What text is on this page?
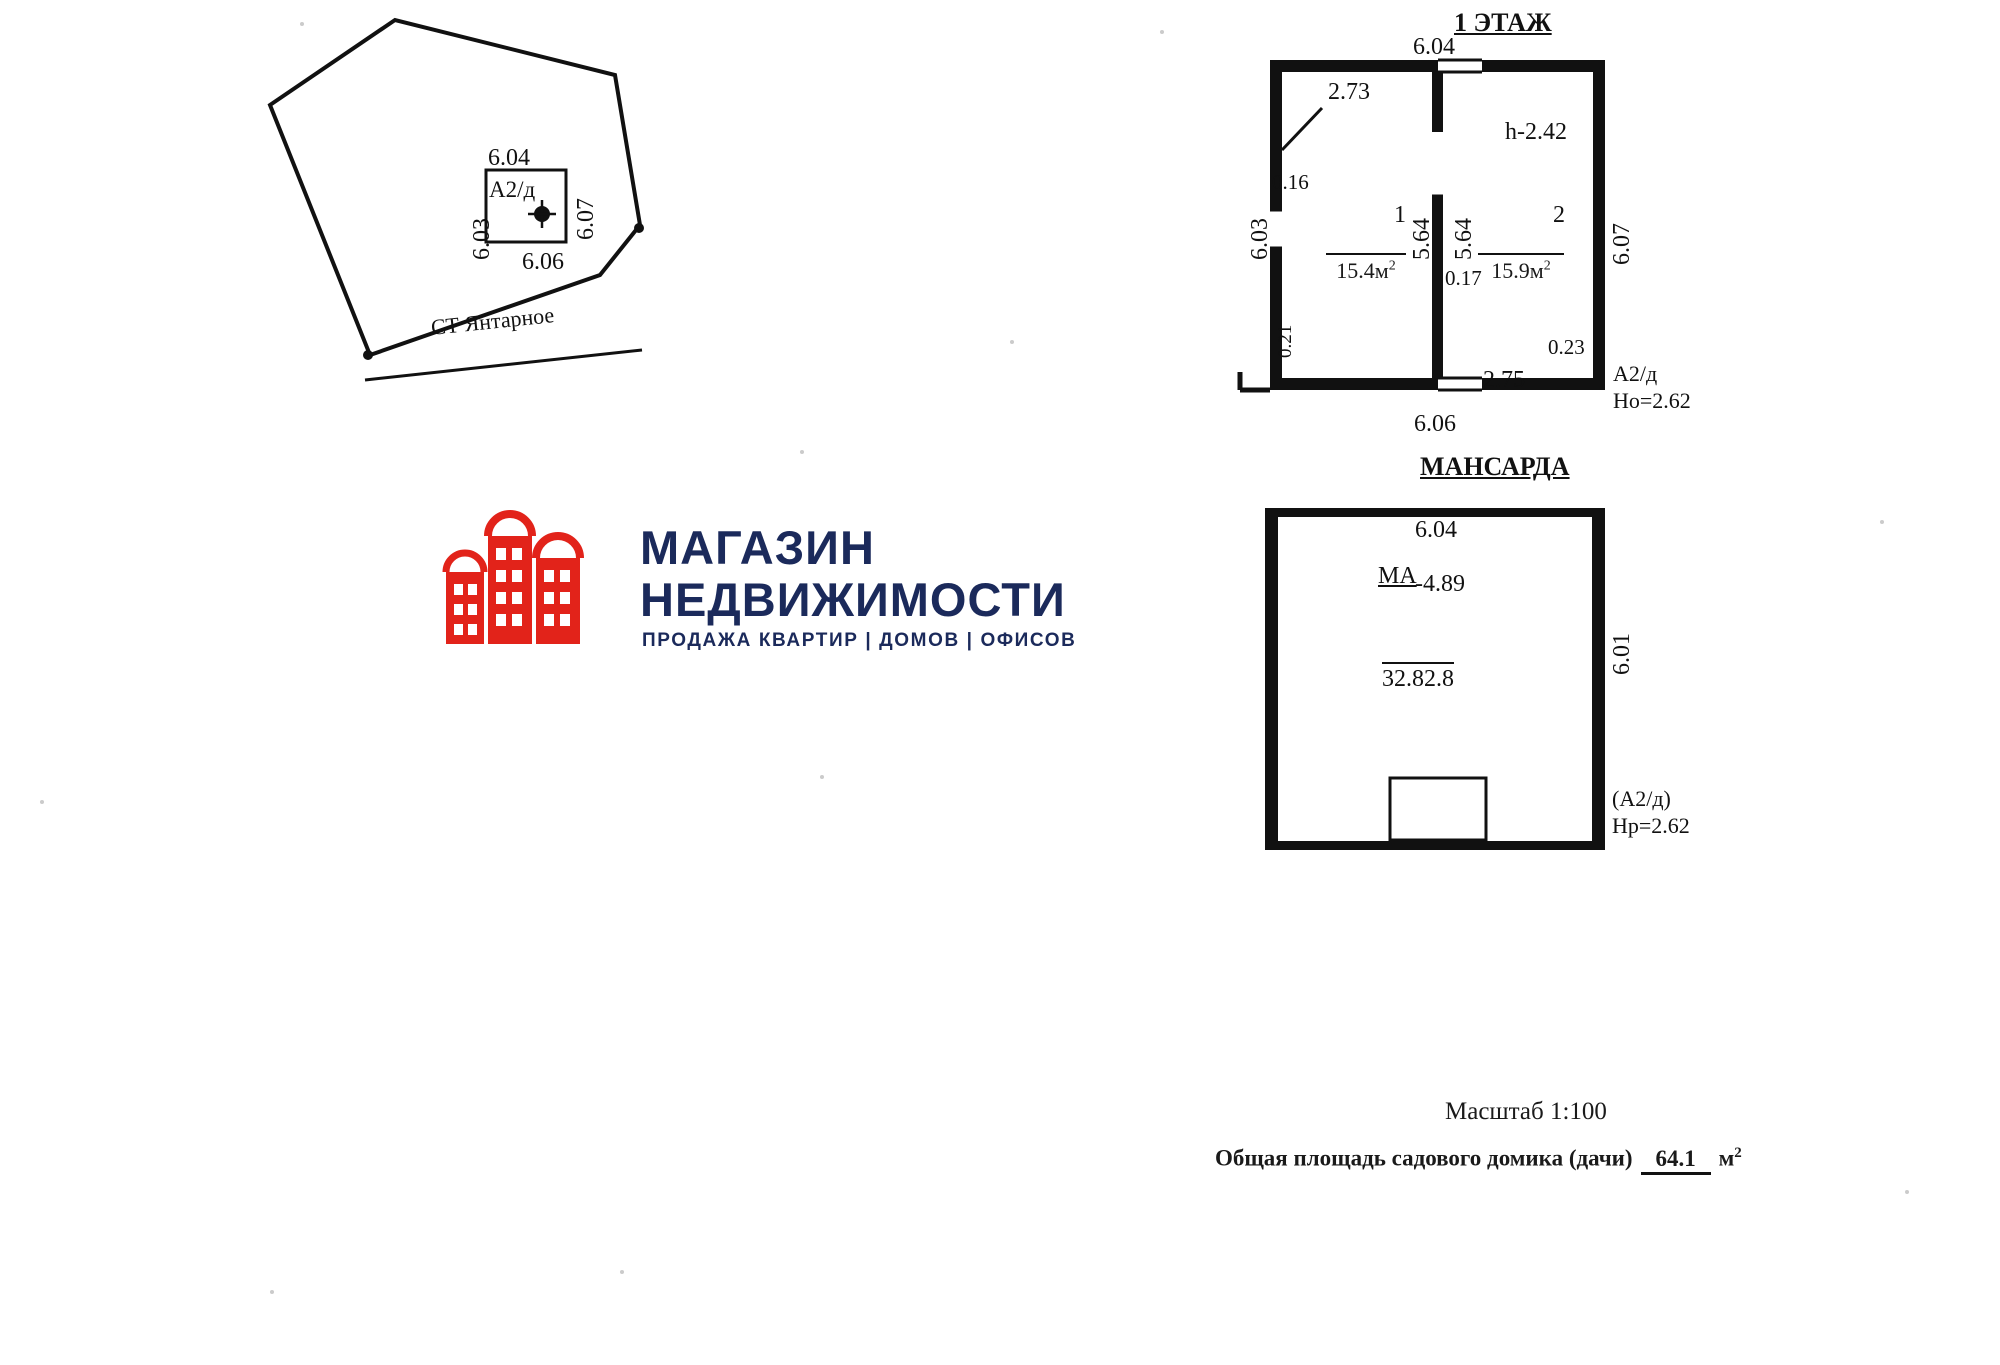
6.04
А2/д
6.07
6.03
6.06
СТ Янтарное
1 ЭТАЖ
6.04
2.73
h-2.42
6.03
0.16
0.21
6.07
1
$15.4м^2$
5.64 5.64
2
$15.9м^2$
0.17
0.23
2.75
6.06
А2/д
Но=2.62
МАНСАРДА
6.04
МА
-4.89
32.82.8
6.01
(А2/д)
Нр=2.62
Масштаб 1:100
Общая площадь садового домика (дачи) 64.1 $м^2$
МАГАЗИН
НЕДВИЖИМОСТИ
ПРОДАЖА КВАРТИР | ДОМОВ | ОФИСОВ
